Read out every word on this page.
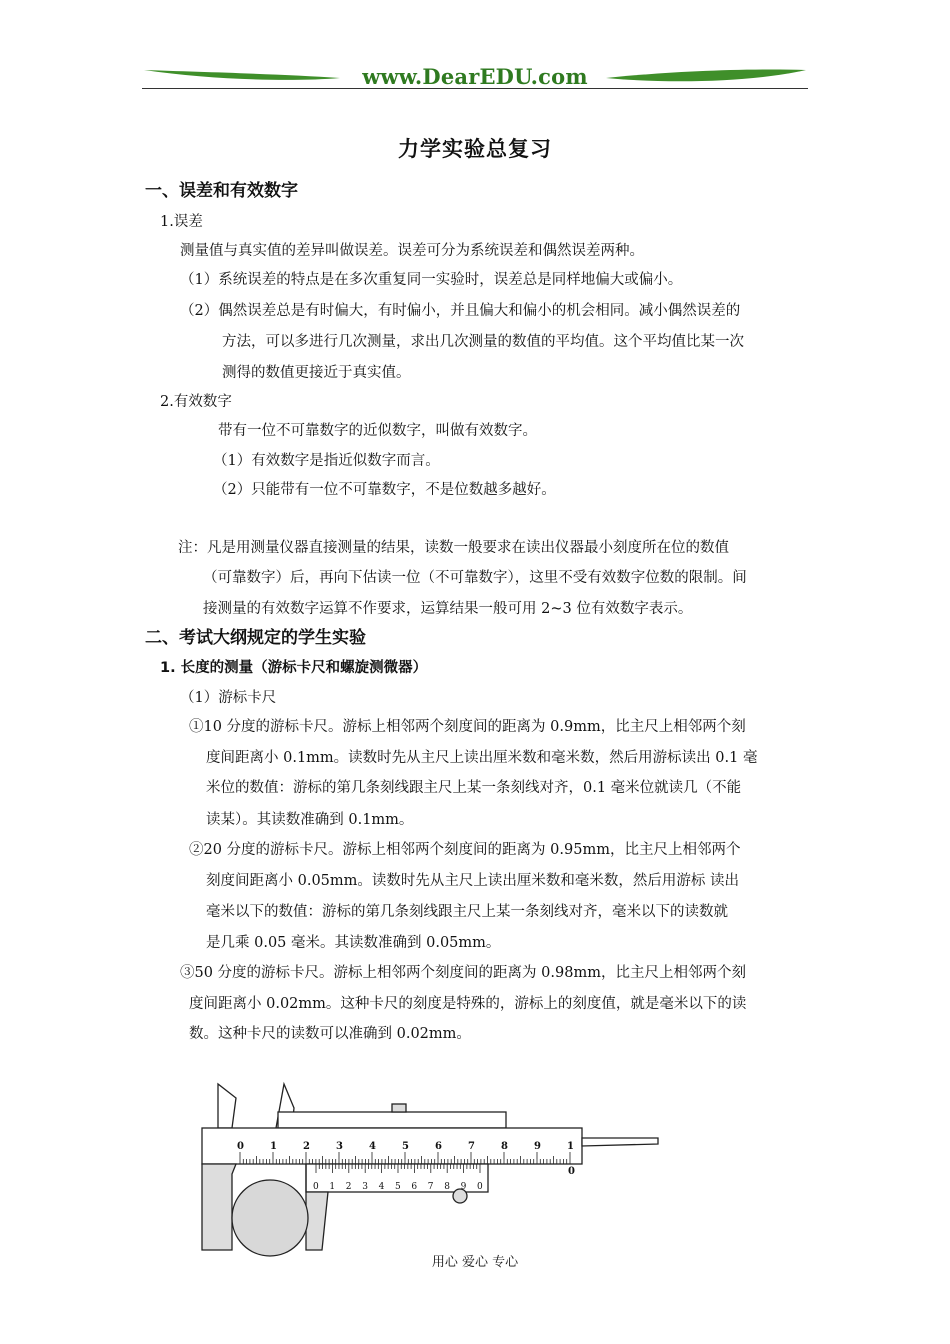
www.DearEDU.com
力学实验总复习
一、误差和有效数字
1.误差
测量值与真实值的差异叫做误差。误差可分为系统误差和偶然误差两种。
（1）系统误差的特点是在多次重复同一实验时，误差总是同样地偏大或偏小。
（2）偶然误差总是有时偏大，有时偏小，并且偏大和偏小的机会相同。减小偶然误差的
方法，可以多进行几次测量，求出几次测量的数值的平均值。这个平均值比某一次
测得的数值更接近于真实值。
2.有效数字
带有一位不可靠数字的近似数字，叫做有效数字。
（1）有效数字是指近似数字而言。
（2）只能带有一位不可靠数字，不是位数越多越好。
注：凡是用测量仪器直接测量的结果，读数一般要求在读出仪器最小刻度所在位的数值
（可靠数字）后，再向下估读一位（不可靠数字），这里不受有效数字位数的限制。间
接测量的有效数字运算不作要求，运算结果一般可用 2~3 位有效数字表示。
二、考试大纲规定的学生实验
1. 长度的测量（游标卡尺和螺旋测微器）
（1）游标卡尺
①10 分度的游标卡尺。游标上相邻两个刻度间的距离为 0.9mm，比主尺上相邻两个刻
度间距离小 0.1mm。读数时先从主尺上读出厘米数和毫米数，然后用游标读出 0.1 毫
米位的数值：游标的第几条刻线跟主尺上某一条刻线对齐，0.1 毫米位就读几（不能
读某）。其读数准确到 0.1mm。
②20 分度的游标卡尺。游标上相邻两个刻度间的距离为 0.95mm，比主尺上相邻两个
刻度间距离小 0.05mm。读数时先从主尺上读出厘米数和毫米数，然后用游标 读出
毫米以下的数值：游标的第几条刻线跟主尺上某一条刻线对齐，毫米以下的读数就
是几乘 0.05 毫米。其读数准确到 0.05mm。
③50 分度的游标卡尺。游标上相邻两个刻度间的距离为 0.98mm，比主尺上相邻两个刻
度间距离小 0.02mm。这种卡尺的刻度是特殊的，游标上的刻度值，就是毫米以下的读
数。这种卡尺的读数可以准确到 0.02mm。
0	1	2	3	4	5	6	7	8	9	1
0 1 2 3 4 5 6 7 8 9 0
0
用心 爱心 专心
